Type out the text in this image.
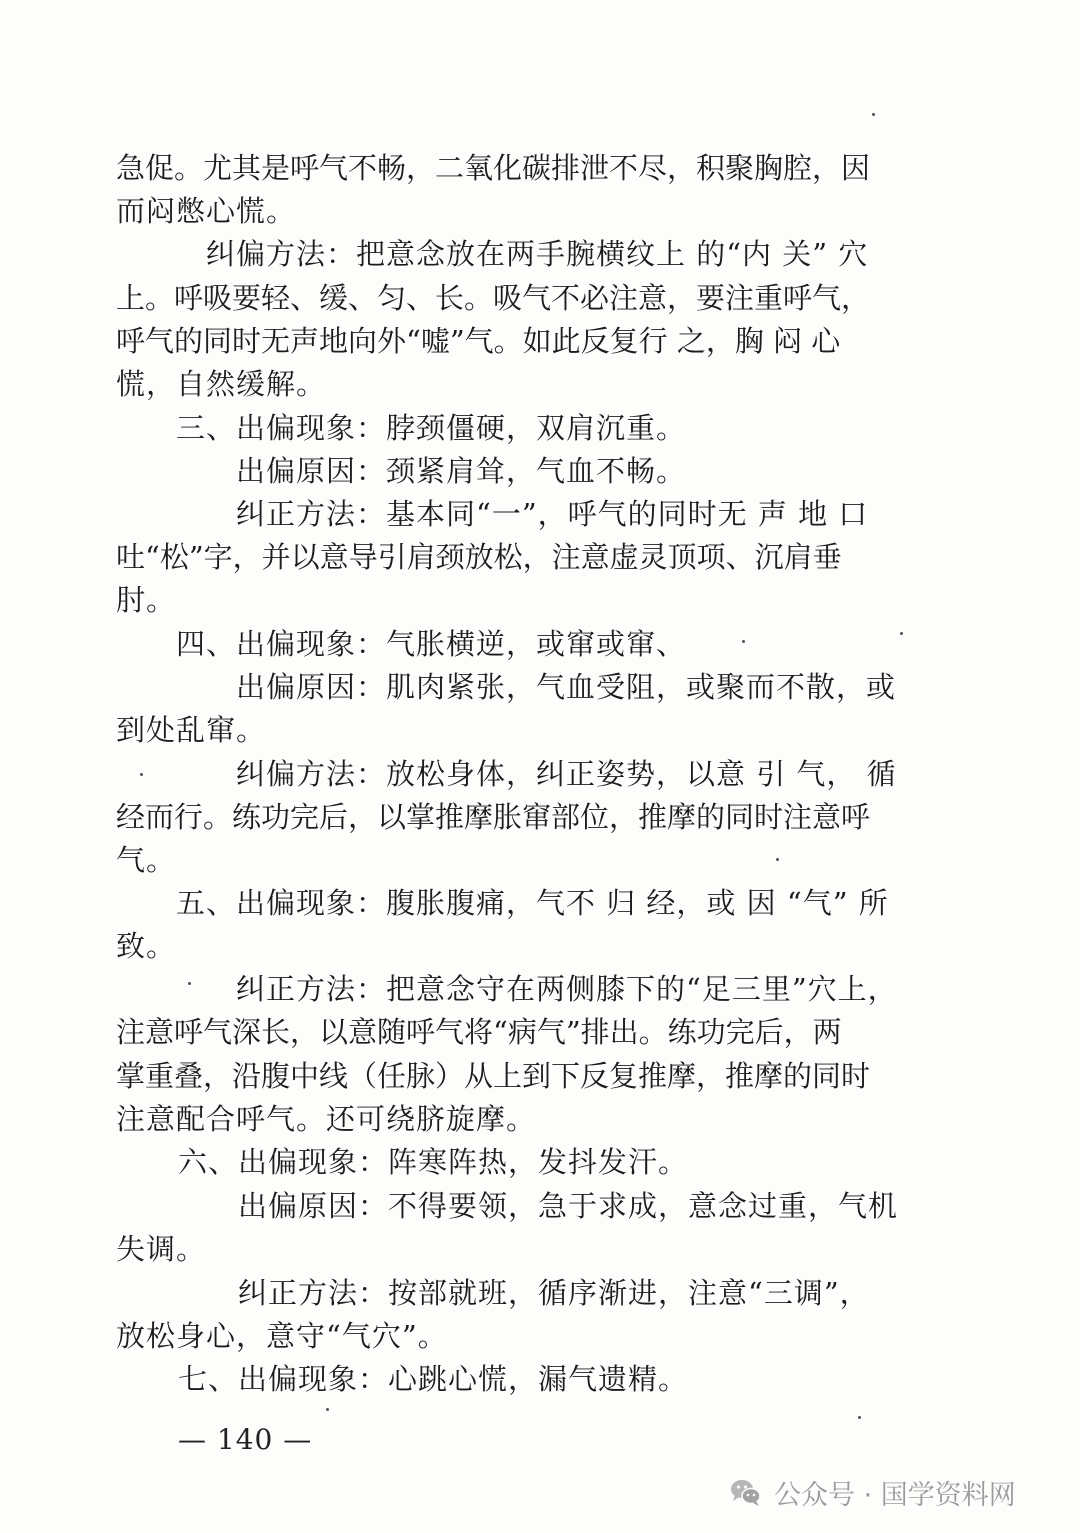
急促。尤其是呼气不畅，二氧化碳排泄不尽，积聚胸腔，因
而闷憋心慌。
纠偏方法：把意念放在两手腕横纹上 的“内 关” 穴
上。呼吸要轻、缓、匀、长。吸气不必注意，要注重呼气，
呼气的同时无声地向外“嘘”气。如此反复行 之，胸 闷 心
慌，自然缓解。
三、出偏现象：脖颈僵硬，双肩沉重。
出偏原因：颈紧肩耸，气血不畅。
纠正方法：基本同“一”，呼气的同时无 声 地 口
吐“松”字，并以意导引肩颈放松，注意虚灵顶项、沉肩垂
肘。
四、出偏现象：气胀横逆，或窜或窜、
出偏原因：肌肉紧张，气血受阻，或聚而不散，或
到处乱窜。
纠偏方法：放松身体，纠正姿势，以意 引 气， 循
经而行。练功完后，以掌推摩胀窜部位，推摩的同时注意呼
气。
五、出偏现象：腹胀腹痛，气不 归 经，或 因 “气” 所
致。
纠正方法：把意念守在两侧膝下的“足三里”穴上，
注意呼气深长，以意随呼气将“病气”排出。练功完后，两
掌重叠，沿腹中线（任脉）从上到下反复推摩，推摩的同时
注意配合呼气。还可绕脐旋摩。
六、出偏现象：阵寒阵热，发抖发汗。
出偏原因：不得要领，急于求成，意念过重，气机
失调。
纠正方法：按部就班，循序渐进，注意“三调”，
放松身心，意守“气穴”。
七、出偏现象：心跳心慌，漏气遗精。
— 140 —
公众号 · 国学资料网
